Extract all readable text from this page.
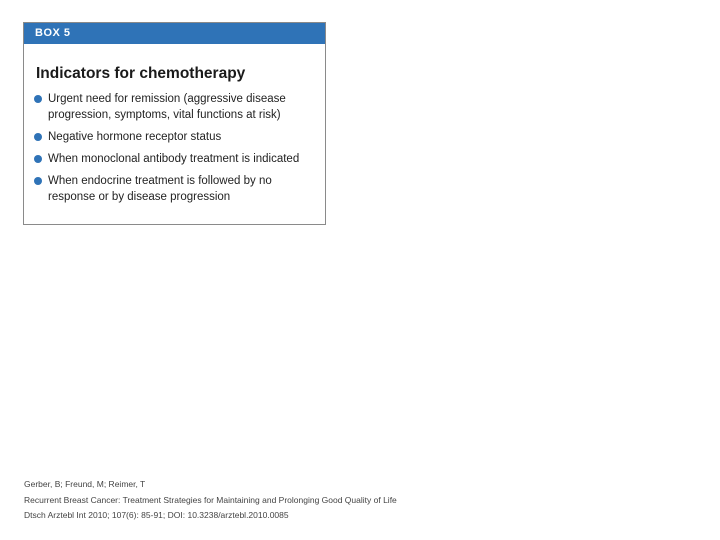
BOX 5
Indicators for chemotherapy
Urgent need for remission (aggressive disease progression, symptoms, vital functions at risk)
Negative hormone receptor status
When monoclonal antibody treatment is indicated
When endocrine treatment is followed by no response or by disease progression
Gerber, B; Freund, M; Reimer, T
Recurrent Breast Cancer: Treatment Strategies for Maintaining and Prolonging Good Quality of Life
Dtsch Arztebl Int 2010; 107(6): 85-91; DOI: 10.3238/arztebl.2010.0085
